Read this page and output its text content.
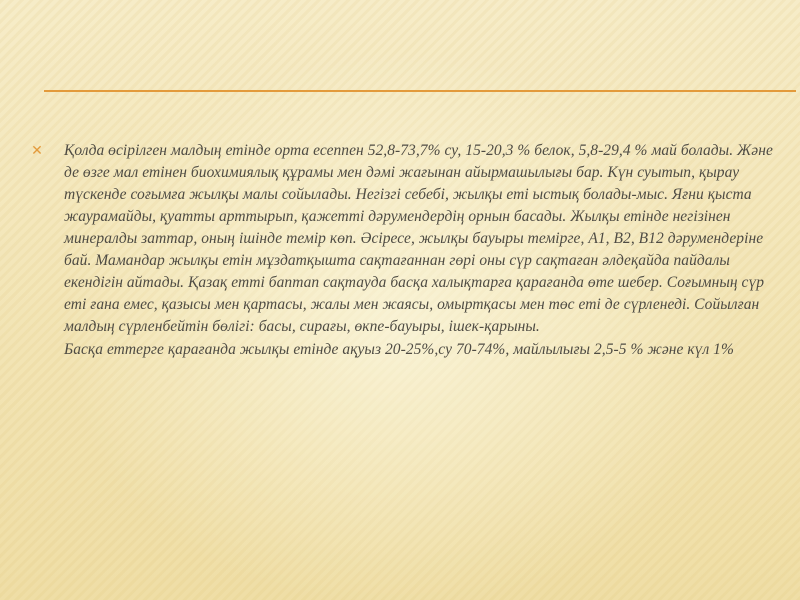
✕ Қолда өсірілген малдың етінде орта есеппен 52,8-73,7% су, 15-20,3 % белок, 5,8-29,4 % май болады. Және де өзге мал етінен биохимиялық құрамы мен дәмі жағынан айырмашылығы бар. Күн суытып, қырау түскенде соғымға жылқы малы сойылады. Негізгі себебі, жылқы еті ыстық болады-мыс. Яғни қыста жаурамайды, қуатты арттырып, қажетті дәрумендердің орнын басады. Жылқы етінде негізінен минералды заттар, оның ішінде темір көп. Әсіресе, жылқы бауыры темірге, А1, В2, В12 дәрумендеріне бай. Мамандар жылқы етін мұздатқышта сақтағаннан гөрі оны сүр сақтаған әлдеқайда пайдалы екендігін айтады. Қазақ етті баптап сақтауда басқа халықтарға қарағанда өте шебер. Соғымның сүр еті ғана емес, қазысы мен қартасы, жалы мен жаясы, омыртқасы мен төс еті де сүрленеді. Сойылған малдың сүрленбейтін бөлігі: басы, сирағы, өкпе-бауыры, ішек-қарыны.

Басқа еттерге қарағанда жылқы етінде ақуыз 20-25%,су 70-74%, майлылығы 2,5-5 % және күл 1%
